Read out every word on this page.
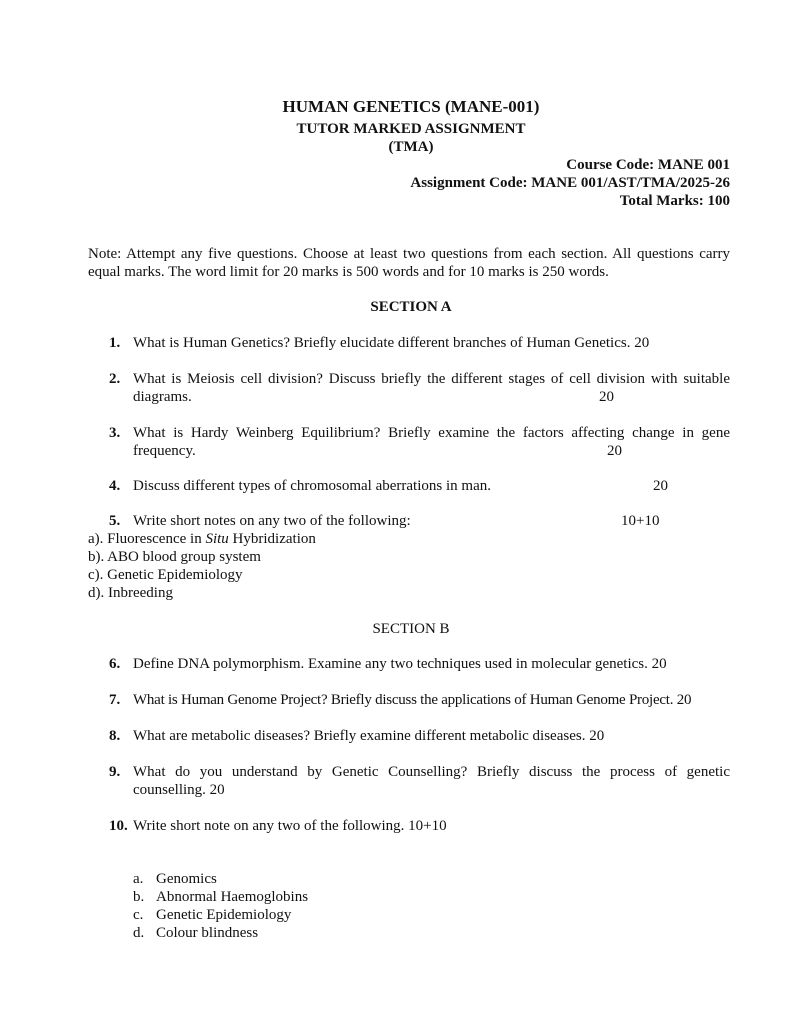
HUMAN GENETICS (MANE-001)
TUTOR MARKED ASSIGNMENT
(TMA)
Course Code: MANE 001
Assignment Code: MANE 001/AST/TMA/2025-26
Total Marks: 100
Note: Attempt any five questions. Choose at least two questions from each section. All questions carry equal marks. The word limit for 20 marks is 500 words and for 10 marks is 250 words.
SECTION A
1. What is Human Genetics? Briefly elucidate different branches of Human Genetics. 20
2. What is Meiosis cell division? Discuss briefly the different stages of cell division with suitable diagrams.	20
3. What is Hardy Weinberg Equilibrium? Briefly examine the factors affecting change in gene frequency.	20
4. Discuss different types of chromosomal aberrations in man.	20
5. Write short notes on any two of the following:	10+10
a). Fluorescence in Situ Hybridization
b). ABO blood group system
c). Genetic Epidemiology
d). Inbreeding
SECTION B
6. Define DNA polymorphism. Examine any two techniques used in molecular genetics. 20
7. What is Human Genome Project? Briefly discuss the applications of Human Genome Project. 20
8. What are metabolic diseases? Briefly examine different metabolic diseases. 20
9. What do you understand by Genetic Counselling? Briefly discuss the process of genetic counselling. 20
10. Write short note on any two of the following. 10+10
a. Genomics
b. Abnormal Haemoglobins
c. Genetic Epidemiology
d. Colour blindness
